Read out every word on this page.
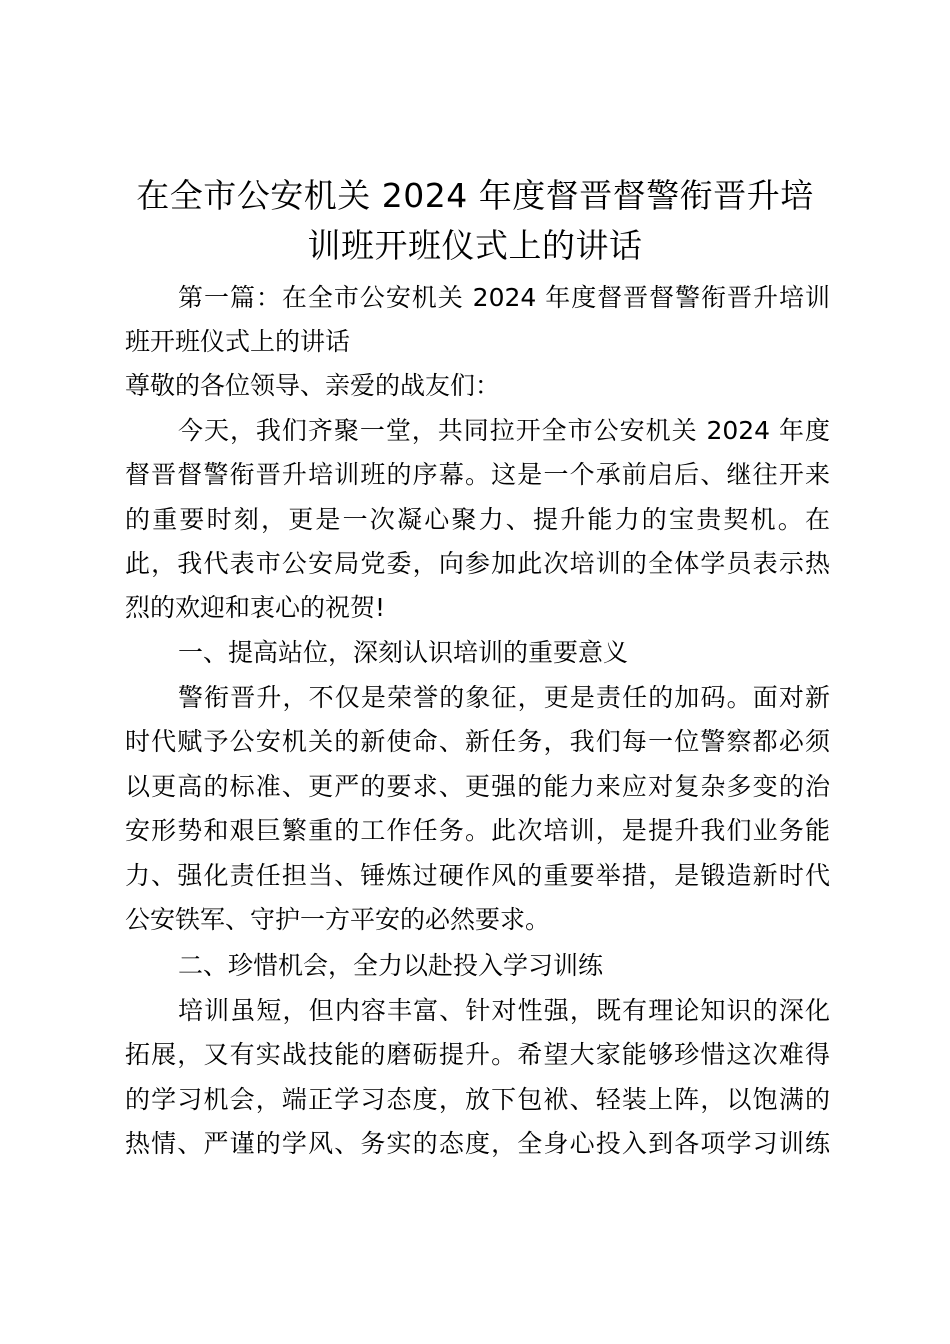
在全市公安机关 2024 年度督晋督警衔晋升培
训班开班仪式上的讲话
第一篇：在全市公安机关 2024 年度督晋督警衔晋升培训
班开班仪式上的讲话
尊敬的各位领导、亲爱的战友们：
今天，我们齐聚一堂，共同拉开全市公安机关 2024 年度
督晋督警衔晋升培训班的序幕。这是一个承前启后、继往开来
的重要时刻，更是一次凝心聚力、提升能力的宝贵契机。在
此，我代表市公安局党委，向参加此次培训的全体学员表示热
烈的欢迎和衷心的祝贺!
一、提高站位，深刻认识培训的重要意义
警衔晋升，不仅是荣誉的象征，更是责任的加码。面对新
时代赋予公安机关的新使命、新任务，我们每一位警察都必须
以更高的标准、更严的要求、更强的能力来应对复杂多变的治
安形势和艰巨繁重的工作任务。此次培训，是提升我们业务能
力、强化责任担当、锤炼过硬作风的重要举措，是锻造新时代
公安铁军、守护一方平安的必然要求。
二、珍惜机会，全力以赴投入学习训练
培训虽短，但内容丰富、针对性强，既有理论知识的深化
拓展，又有实战技能的磨砺提升。希望大家能够珍惜这次难得
的学习机会，端正学习态度，放下包袱、轻装上阵，以饱满的
热情、严谨的学风、务实的态度，全身心投入到各项学习训练
